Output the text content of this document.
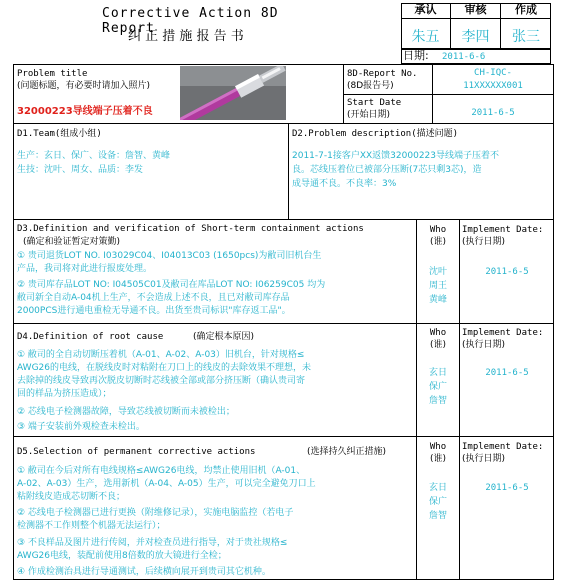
Corrective Action 8D Report
纠 正 措 施 报 告 书
承认	审核	作成
朱五	李四	张三
日期: 2011-6-6
Problem title
(问题标题，有必要时请加入照片)
32000223导线端子压着不良
8D-Report No.
(8D报告号)
CH-IQC-
11XXXXXX001
Start Date
(开始日期)	2011-6-5
D1.Team(组成小组)
生产：玄日、保广、设备：詹智、黄峰
生技：沈叶、周女、品质：李发
D2.Problem description(描述问题)
2011-7-1接客户XX返馈32000223导线端子压着不
良。芯线压着位已被部分压断(7芯只剩3芯)，造
成导通不良。不良率：3%
D3.Definition and verification of Short-term containment actions
(确定和验证暂定对策勤)
① 贵司退货LOT NO. I03029C04、I04013C03 (1650pcs)为敝司旧机台生
产品，我司将对此进行报废处理。
② 贵司库存品LOT NO: I04505C01及敝司在库品LOT NO: I06259C05 均为
敝司新全自动A-04机上生产，不会造成上述不良，且已对敝司库存品
2000PCS进行通电重检无导通不良。出货至贵司标识"库存返工品"。
Who
(谁)
沈叶
周王
黄峰
Implement Date:
(执行日期)
2011-6-5
D4.Definition of root cause	(确定根本原因)
① 敝司的全自动切断压着机（A-01、A-02、A-03）旧机台，针对规格≤
AWG26的电线，在脱线皮时对粘附在刀口上的线皮的去除效果不理想，未
去除掉的线皮导致再次脱皮切断时芯线被全部或部分挤压断（确认贵司寄
回的样品为挤压造成）；
② 芯线电子检测器故障，导致芯线被切断而未被检出；
③ 端子安装前外观检查未检出。
Who
(谁)
玄日
保广
詹智
Implement Date:
(执行日期)
2011-6-5
D5.Selection of permanent corrective actions	(选择持久纠正措施)
① 敝司在今后对所有电线规格≤AWG26电线，均禁止使用旧机（A-01、
A-02、A-03）生产，选用新机（A-04、A-05）生产，可以完全避免刀口上
粘附线皮造成芯切断不良；
② 芯线电子检测器已进行更换（附维修记录），实施电脑监控（若电子
检测器不工作则整个机器无法运行）；
③ 不良样品及图片进行传阅，并对检查员进行指导，对于贵社规格≤
AWG26电线，装配前使用8倍数的放大镜进行全检；
④ 作成检测治具进行导通测试，后续横向展开到贵司其它机种。
Who
(谁)
玄日
保广
詹智
Implement Date:
(执行日期)
2011-6-5
